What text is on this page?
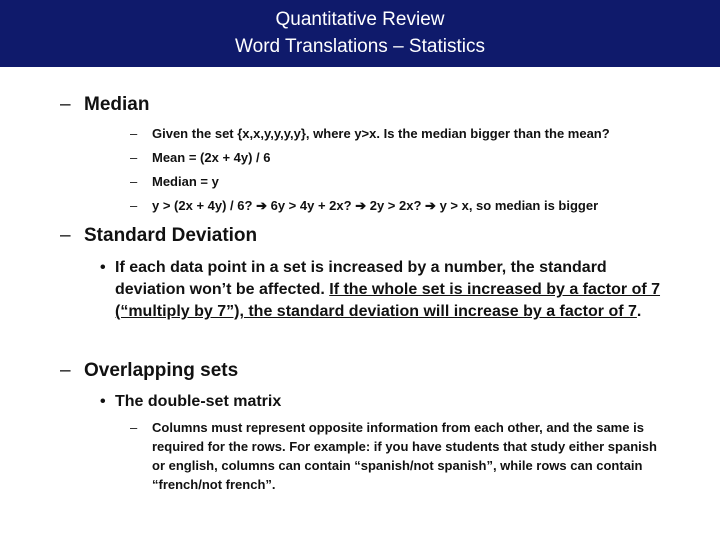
Quantitative Review
Word Translations – Statistics
– Median
– Given the set {x,x,y,y,y,y}, where y>x. Is the median bigger than the mean?
– Mean = (2x + 4y) / 6
– Median = y
– y > (2x + 4y) / 6? ➔ 6y > 4y + 2x? ➔ 2y > 2x? ➔ y > x, so median is bigger
– Standard Deviation
• If each data point in a set is increased by a number, the standard deviation won’t be affected. If the whole set is increased by a factor of 7 (“multiply by 7”), the standard deviation will increase by a factor of 7.
– Overlapping sets
• The double-set matrix
–	Columns must represent opposite information from each other, and the same is required for the rows. For example: if you have students that study either spanish or english, columns can contain “spanish/not spanish”, while rows can contain “french/not french”.
